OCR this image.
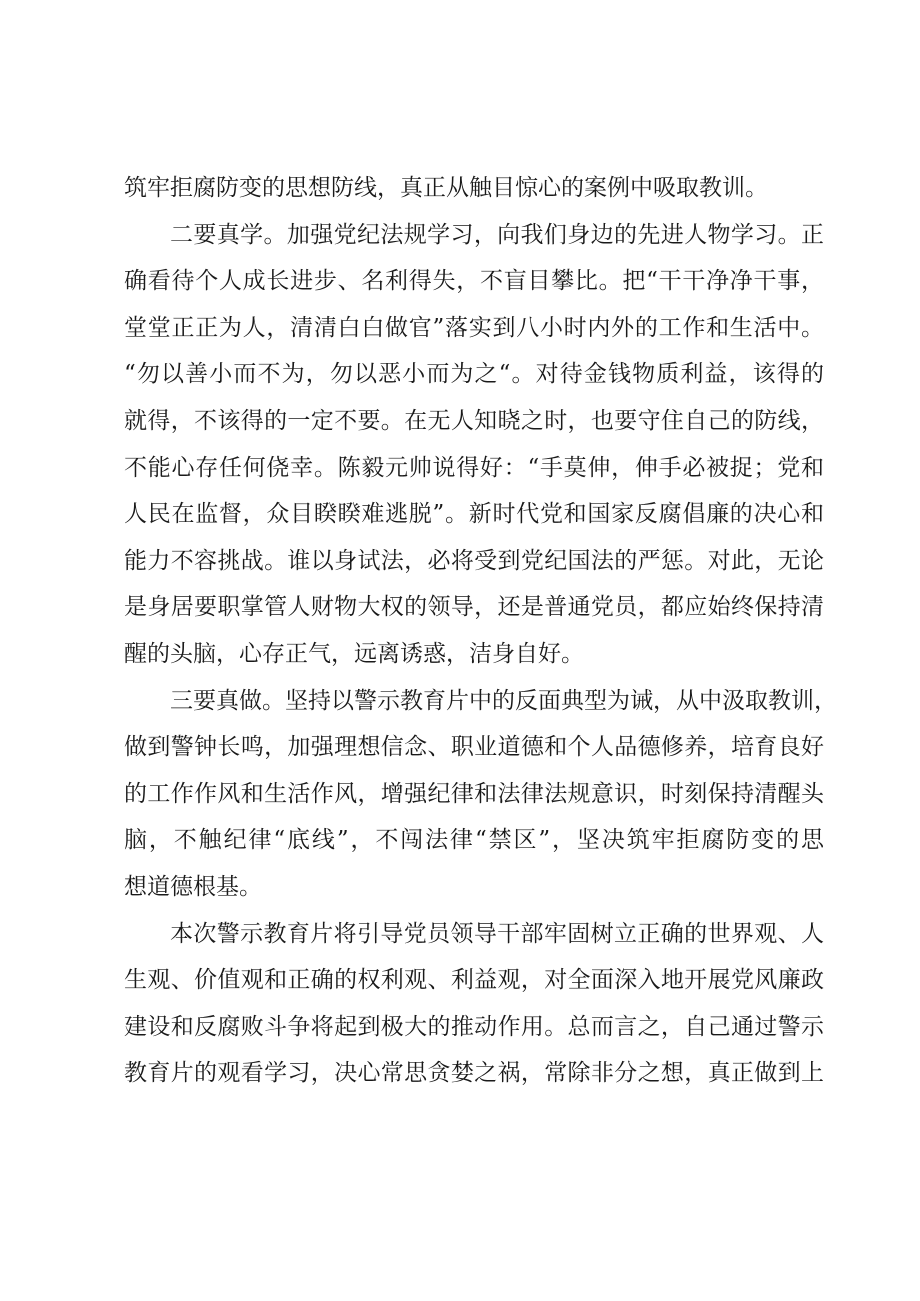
筑牢拒腐防变的思想防线，真正从触目惊心的案例中吸取教训。
二要真学。加强党纪法规学习，向我们身边的先进人物学习。正
确看待个人成长进步、名利得失，不盲目攀比。把“干干净净干事，
堂堂正正为人，清清白白做官”落实到八小时内外的工作和生活中。
“勿以善小而不为，勿以恶小而为之“。对待金钱物质利益，该得的
就得，不该得的一定不要。在无人知晓之时，也要守住自己的防线，
不能心存任何侥幸。陈毅元帅说得好：“手莫伸，伸手必被捉；党和
人民在监督，众目睽睽难逃脱”。新时代党和国家反腐倡廉的决心和
能力不容挑战。谁以身试法，必将受到党纪国法的严惩。对此，无论
是身居要职掌管人财物大权的领导，还是普通党员，都应始终保持清
醒的头脑，心存正气，远离诱惑，洁身自好。
三要真做。坚持以警示教育片中的反面典型为诫，从中汲取教训，
做到警钟长鸣，加强理想信念、职业道德和个人品德修养，培育良好
的工作作风和生活作风，增强纪律和法律法规意识，时刻保持清醒头
脑，不触纪律“底线”，不闯法律“禁区”，坚决筑牢拒腐防变的思
想道德根基。
本次警示教育片将引导党员领导干部牢固树立正确的世界观、人
生观、价值观和正确的权利观、利益观，对全面深入地开展党风廉政
建设和反腐败斗争将起到极大的推动作用。总而言之，自己通过警示
教育片的观看学习，决心常思贪婪之祸，常除非分之想，真正做到上
